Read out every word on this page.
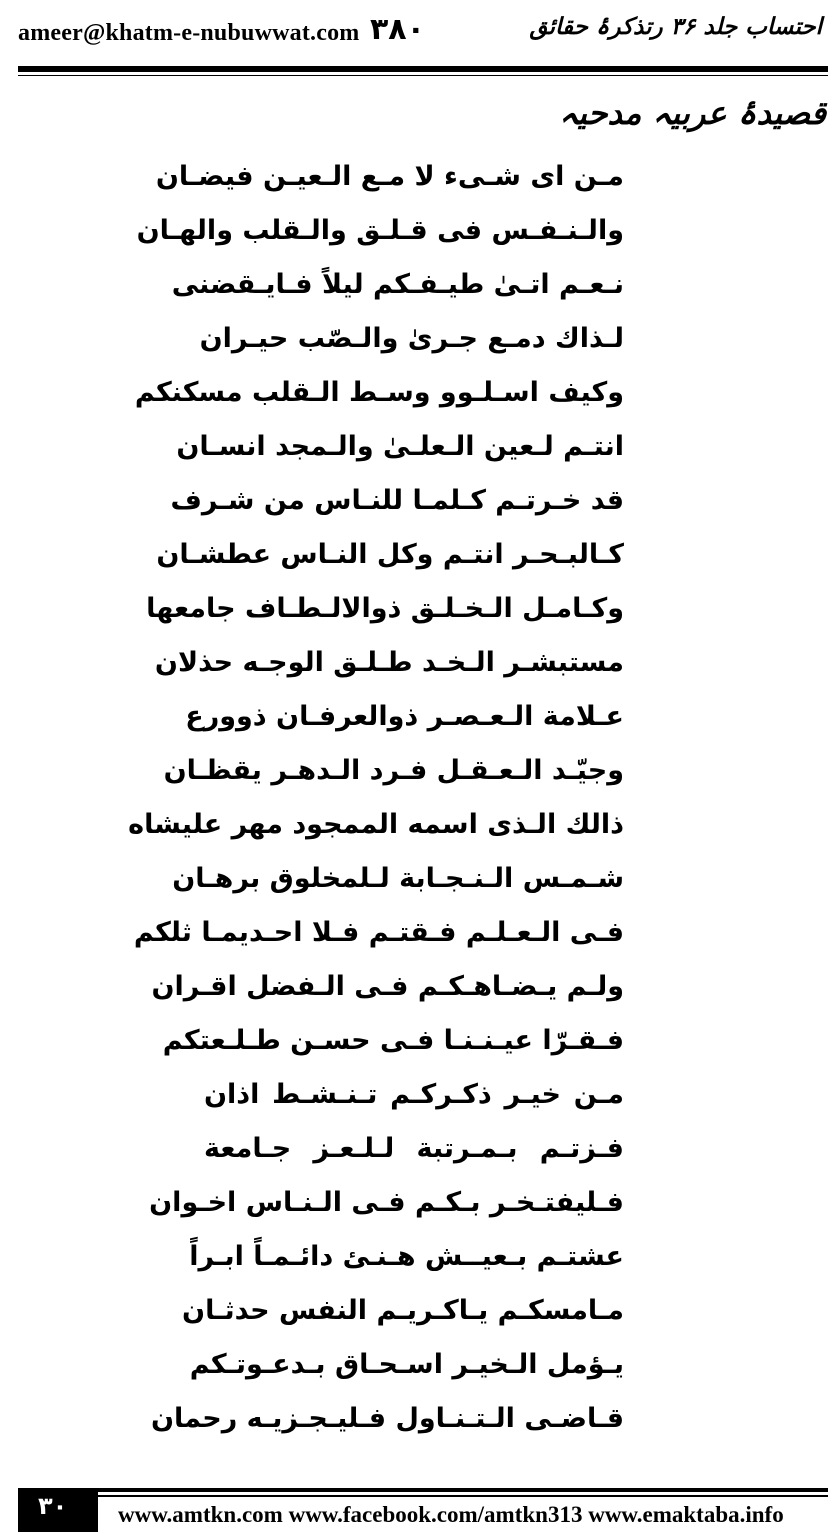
ameer@khatm-e-nubuwwat.com ۳۸۰	احتساب جلد ۳۶ رتذکرۂ حقائق
قصیدۂ عربیہ مدحیہ
مـن ای شـیء لا مـع الـعیـن فیضـان
والـنـفـس فی قـلـق والـقلب والهـان
نـعـم اتـیٰ طیـفـکم لیلاً فـایـقضنی
لـذاك دمـع جـریٰ والـصّب حیـران
وكیف اسـلـوو وسـط الـقلب مسكنكم
انتـم لـعین الـعلـیٰ والـمجد انسـان
قد خـرتـم كـلمـا للنـاس من شـرف
كـالبـحـر انتـم وكل النـاس عطشـان
وكـامـل الـخـلـق ذوالالـطـاف جامعها
مستبشـر الـخـد طـلـق الوجـه حذلان
عـلامة الـعـصـر ذوالعرفـان ذوورع
وجيّـد الـعـقـل فـرد الـدهـر يقظـان
ذالك الـذی اسمه الممجود مهر علیشاه
شـمـس الـنـجـابة لـلمخلوق برهـان
فـی الـعـلـم فـقتـم فـلا احـدیمـا ثلكم
ولـم یـضـاهـكـم فـی الـفضل اقـران
فـقـرّا عیـنـنـا فـی حسـن طـلـعتكم
مـن خیـر ذكـركـم تـنـشـط اذان
فـزتـم بـمـرتبة لـلـعـز جـامعة
فـلیفتـخـر بـكـم فـی الـنـاس اخـوان
عشتـم بـعیــش هـنـئ دائـمـاً ابـراً
مـامسكـم یـاكـریـم النفس حدثـان
یـؤمل الـخیـر اسـحـاق بـدعـوتـكم
قـاضـی الـتـنـاول فـلیـجـزیـه رحمان
۳۰ www.amtkn.com www.facebook.com/amtkn313 www.emaktaba.info
